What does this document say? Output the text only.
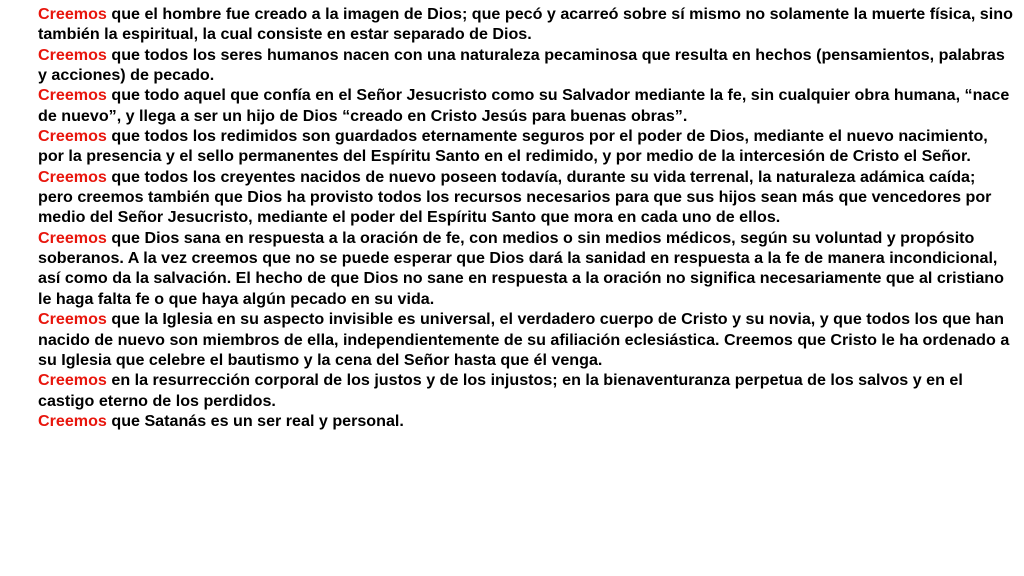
Creemos que el hombre fue creado a la imagen de Dios; que pecó y acarreó sobre sí mismo no solamente la muerte física, sino también la espiritual, la cual consiste en estar separado de Dios.

Creemos que todos los seres humanos nacen con una naturaleza pecaminosa que resulta en hechos (pensamientos, palabras y acciones) de pecado.

Creemos que todo aquel que confía en el Señor Jesucristo como su Salvador mediante la fe, sin cualquier obra humana, “nace de nuevo”, y llega a ser un hijo de Dios “creado en Cristo Jesús para buenas obras”.

Creemos que todos los redimidos son guardados eternamente seguros por el poder de Dios, mediante el nuevo nacimiento, por la presencia y el sello permanentes del Espíritu Santo en el redimido, y por medio de la intercesión de Cristo el Señor.

Creemos que todos los creyentes nacidos de nuevo poseen todavía, durante su vida terrenal, la naturaleza adámica caída; pero creemos también que Dios ha provisto todos los recursos necesarios para que sus hijos sean más que vencedores por medio del Señor Jesucristo, mediante el poder del Espíritu Santo que mora en cada uno de ellos.

Creemos que Dios sana en respuesta a la oración de fe, con medios o sin medios médicos, según su voluntad y propósito soberanos. A la vez creemos que no se puede esperar que Dios dará la sanidad en respuesta a la fe de manera incondicional, así como da la salvación. El hecho de que Dios no sane en respuesta a la oración no significa necesariamente que al cristiano le haga falta fe o que haya algún pecado en su vida.

Creemos que la Iglesia en su aspecto invisible es universal, el verdadero cuerpo de Cristo y su novia, y que todos los que han nacido de nuevo son miembros de ella, independientemente de su afiliación eclesiástica. Creemos que Cristo le ha ordenado a su Iglesia que celebre el bautismo y la cena del Señor hasta que él venga.

Creemos en la resurrección corporal de los justos y de los injustos; en la bienaventuranza perpetua de los salvos y en el castigo eterno de los perdidos.

Creemos que Satanás es un ser real y personal.
